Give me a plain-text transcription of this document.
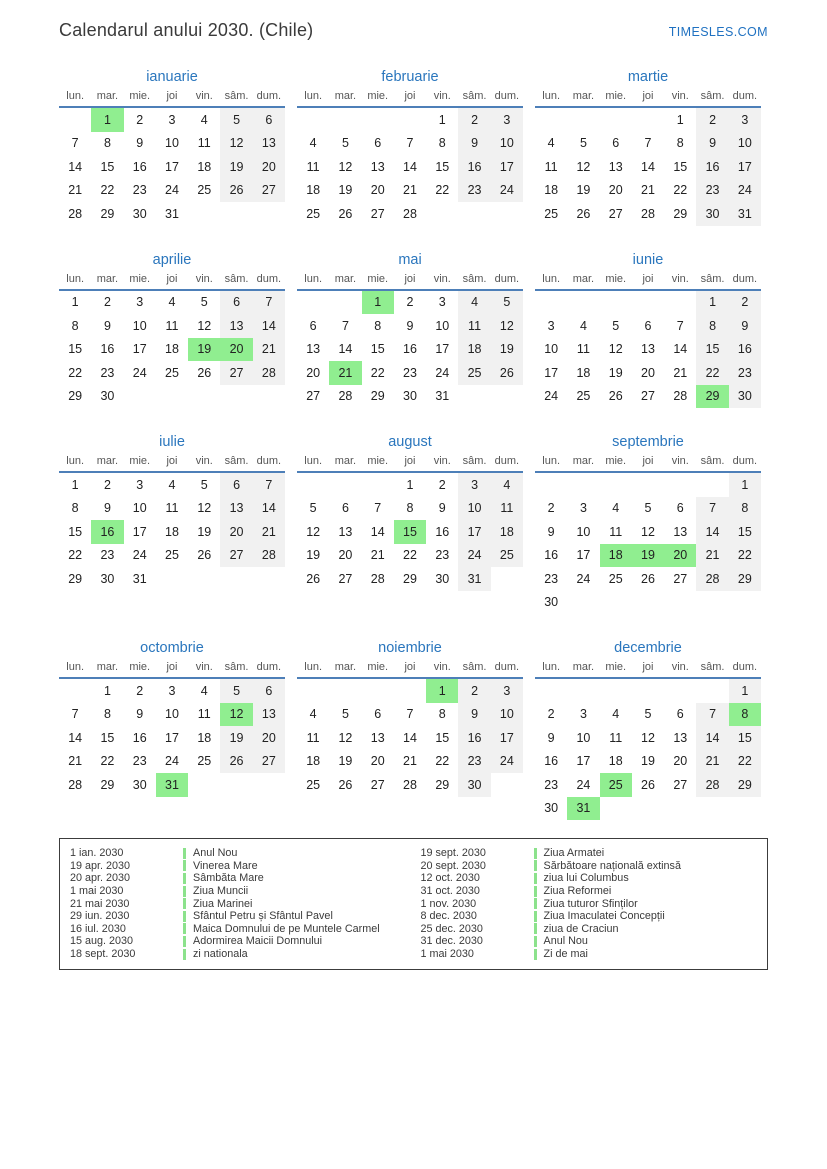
Calendarul anului 2030. (Chile)	TIMESLES.COM
ianuarie
lun.	mar.	mie.	joi	vin.	sâm.	dum.
	1	2	3	4	5	6
7	8	9	10	11	12	13
14	15	16	17	18	19	20
21	22	23	24	25	26	27
28	29	30	31			
februarie
lun.	mar.	mie.	joi	vin.	sâm.	dum.
				1	2	3
4	5	6	7	8	9	10
11	12	13	14	15	16	17
18	19	20	21	22	23	24
25	26	27	28			
martie
lun.	mar.	mie.	joi	vin.	sâm.	dum.
				1	2	3
4	5	6	7	8	9	10
11	12	13	14	15	16	17
18	19	20	21	22	23	24
25	26	27	28	29	30	31
aprilie
lun.	mar.	mie.	joi	vin.	sâm.	dum.
1	2	3	4	5	6	7
8	9	10	11	12	13	14
15	16	17	18	19	20	21
22	23	24	25	26	27	28
29	30					
mai
lun.	mar.	mie.	joi	vin.	sâm.	dum.
		1	2	3	4	5
6	7	8	9	10	11	12
13	14	15	16	17	18	19
20	21	22	23	24	25	26
27	28	29	30	31		
iunie
lun.	mar.	mie.	joi	vin.	sâm.	dum.
					1	2
3	4	5	6	7	8	9
10	11	12	13	14	15	16
17	18	19	20	21	22	23
24	25	26	27	28	29	30
iulie
lun.	mar.	mie.	joi	vin.	sâm.	dum.
1	2	3	4	5	6	7
8	9	10	11	12	13	14
15	16	17	18	19	20	21
22	23	24	25	26	27	28
29	30	31				
august
lun.	mar.	mie.	joi	vin.	sâm.	dum.
			1	2	3	4
5	6	7	8	9	10	11
12	13	14	15	16	17	18
19	20	21	22	23	24	25
26	27	28	29	30	31	
septembrie
lun.	mar.	mie.	joi	vin.	sâm.	dum.
						1
2	3	4	5	6	7	8
9	10	11	12	13	14	15
16	17	18	19	20	21	22
23	24	25	26	27	28	29
30						
octombrie
lun.	mar.	mie.	joi	vin.	sâm.	dum.
	1	2	3	4	5	6
7	8	9	10	11	12	13
14	15	16	17	18	19	20
21	22	23	24	25	26	27
28	29	30	31			
noiembrie
lun.	mar.	mie.	joi	vin.	sâm.	dum.
				1	2	3
4	5	6	7	8	9	10
11	12	13	14	15	16	17
18	19	20	21	22	23	24
25	26	27	28	29	30	
decembrie
lun.	mar.	mie.	joi	vin.	sâm.	dum.
						1
2	3	4	5	6	7	8
9	10	11	12	13	14	15
16	17	18	19	20	21	22
23	24	25	26	27	28	29
30	31					
1 ian. 2030	Anul Nou
19 apr. 2030	Vinerea Mare
20 apr. 2030	Sâmbăta Mare
1 mai 2030	Ziua Muncii
21 mai 2030	Ziua Marinei
29 iun. 2030	Sfântul Petru și Sfântul Pavel
16 iul. 2030	Maica Domnului de pe Muntele Carmel
15 aug. 2030	Adormirea Maicii Domnului
18 sept. 2030	zi nationala
19 sept. 2030	Ziua Armatei
20 sept. 2030	Sărbătoare națională extinsă
12 oct. 2030	ziua lui Columbus
31 oct. 2030	Ziua Reformei
1 nov. 2030	Ziua tuturor Sfinților
8 dec. 2030	Ziua Imaculatei Concepții
25 dec. 2030	ziua de Craciun
31 dec. 2030	Anul Nou
1 mai 2030	Zi de mai
